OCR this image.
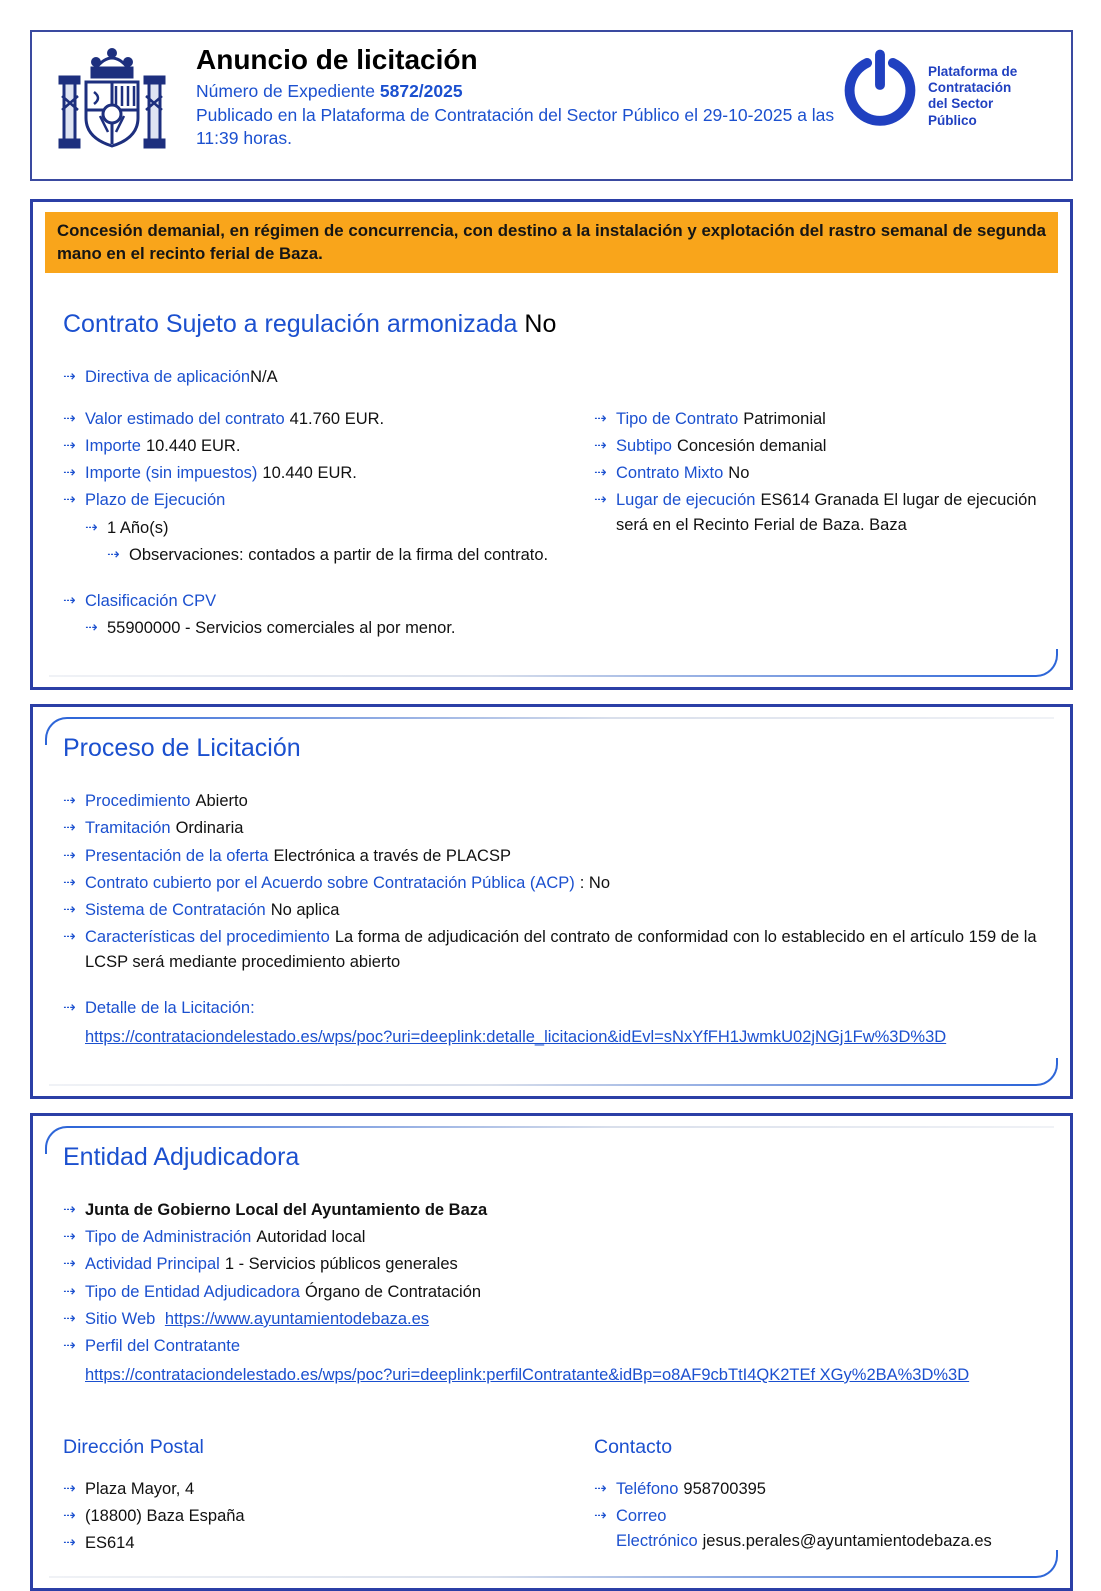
Anuncio de licitación
Número de Expediente 5872/2025
Publicado en la Plataforma de Contratación del Sector Público el 29-10-2025 a las 11:39 horas.
Plataforma de
Contratación
del Sector
Público
Concesión demanial, en régimen de concurrencia, con destino a la instalación y explotación del rastro semanal de segunda mano en el recinto ferial de Baza.
Contrato Sujeto a regulación armonizada No
⇢ Directiva de aplicaciónN/A
⇢ Valor estimado del contrato 41.760 EUR.
⇢ Importe 10.440 EUR.
⇢ Importe (sin impuestos) 10.440 EUR.
⇢ Plazo de Ejecución
⇢ 1 Año(s)
⇢ Observaciones: contados a partir de la firma del contrato.
⇢ Tipo de Contrato Patrimonial
⇢ Subtipo Concesión demanial
⇢ Contrato Mixto No
⇢ Lugar de ejecución ES614 Granada El lugar de ejecución será en el Recinto Ferial de Baza. Baza
⇢ Clasificación CPV
⇢ 55900000 - Servicios comerciales al por menor.
Proceso de Licitación
⇢ Procedimiento Abierto
⇢ Tramitación Ordinaria
⇢ Presentación de la oferta Electrónica a través de PLACSP
⇢ Contrato cubierto por el Acuerdo sobre Contratación Pública (ACP) : No
⇢ Sistema de Contratación No aplica
⇢ Características del procedimiento La forma de adjudicación del contrato de conformidad con lo establecido en el artículo 159 de la LCSP será mediante procedimiento abierto
⇢ Detalle de la Licitación:
https://contrataciondelestado.es/wps/poc?uri=deeplink:detalle_licitacion&idEvl=sNxYfFH1JwmkU02jNGj1Fw%3D%3D
Entidad Adjudicadora
⇢ Junta de Gobierno Local del Ayuntamiento de Baza
⇢ Tipo de Administración Autoridad local
⇢ Actividad Principal 1 - Servicios públicos generales
⇢ Tipo de Entidad Adjudicadora Órgano de Contratación
⇢ Sitio Web https://www.ayuntamientodebaza.es
⇢ Perfil del Contratante
https://contrataciondelestado.es/wps/poc?uri=deeplink:perfilContratante&idBp=o8AF9cbTtI4QK2TEf XGy%2BA%3D%3D
Dirección Postal
⇢ Plaza Mayor, 4
⇢ (18800) Baza España
⇢ ES614
Contacto
⇢ Teléfono 958700395
⇢ Correo Electrónico jesus.perales@ayuntamientodebaza.es
